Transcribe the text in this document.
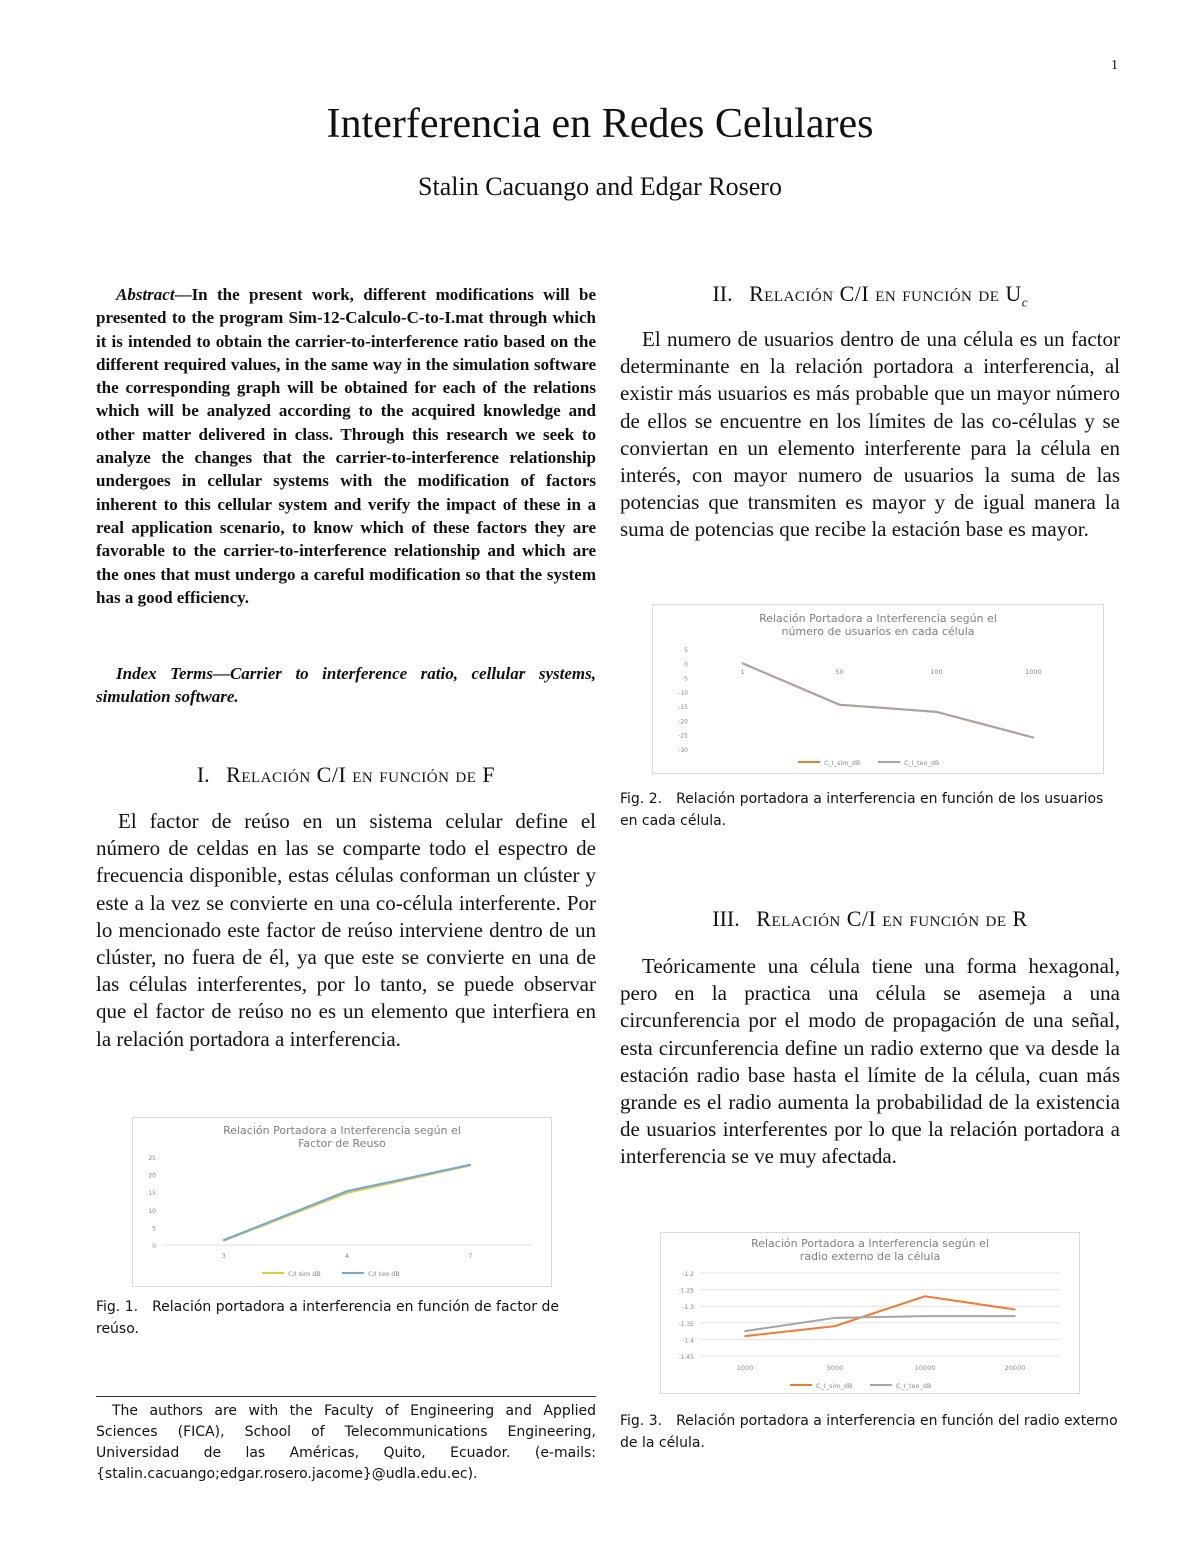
1
Interferencia en Redes Celulares
Stalin Cacuango and Edgar Rosero

Abstract—In the present work, different modifications will be presented to the program Sim-12-Calculo-C-to-I.mat through which it is intended to obtain the carrier-to-interference ratio based on the different required values, in the same way in the simulation software the corresponding graph will be obtained for each of the relations which will be analyzed according to the acquired knowledge and other matter delivered in class. Through this research we seek to analyze the changes that the carrier-to-interference relationship undergoes in cellular systems with the modification of factors inherent to this cellular system and verify the impact of these in a real application scenario, to know which of these factors they are favorable to the carrier-to-interference relationship and which are the ones that must undergo a careful modification so that the system has a good efficiency.

Index Terms—Carrier to interference ratio, cellular systems, simulation software.

I. Relación C/I en función de F

El factor de reúso en un sistema celular define el número de celdas en las se comparte todo el espectro de frecuencia disponible, estas células conforman un clúster y este a la vez se convierte en una co-célula interferente. Por lo mencionado este factor de reúso interviene dentro de un clúster, no fuera de él, ya que este se convierte en una de las células interferentes, por lo tanto, se puede observar que el factor de reúso no es un elemento que interfiera en la relación portadora a interferencia.

Relación Portadora a Interferencia según el
Factor de Reuso
25
20
15
10
5
0
3	4	7
C/I sim dB	C/I teo dB

Fig. 1. Relación portadora a interferencia en función de factor de reúso.

The authors are with the Faculty of Engineering and Applied Sciences (FICA), School of Telecommunications Engineering, Universidad de las Américas, Quito, Ecuador. (e-mails: {stalin.cacuango;edgar.rosero.jacome}@udla.edu.ec).

II. Relación C/I en función de $U_c$

El numero de usuarios dentro de una célula es un factor determinante en la relación portadora a interferencia, al existir más usuarios es más probable que un mayor número de ellos se encuentre en los límites de las co-células y se conviertan en un elemento interferente para la célula en interés, con mayor numero de usuarios la suma de las potencias que transmiten es mayor y de igual manera la suma de potencias que recibe la estación base es mayor.

Relación Portadora a Interferencia según el
número de usuarios en cada célula
5
0
-5
-10
-15
-20
-25
-30
1	50	100	1000
C_I_sim_dB	C_I_teo_dB

Fig. 2. Relación portadora a interferencia en función de los usuarios en cada célula.

III. Relación C/I en función de R

Teóricamente una célula tiene una forma hexagonal, pero en la practica una célula se asemeja a una circunferencia por el modo de propagación de una señal, esta circunferencia define un radio externo que va desde la estación radio base hasta el límite de la célula, cuan más grande es el radio aumenta la probabilidad de la existencia de usuarios interferentes por lo que la relación portadora a interferencia se ve muy afectada.

Relación Portadora a Interferencia según el
radio externo de la célula
-1.2
-1.25
-1.3
-1.35
-1.4
-1.45
1000	5000	10000	20000
C_I_sim_dB	C_I_teo_dB

Fig. 3. Relación portadora a interferencia en función del radio externo de la célula.
